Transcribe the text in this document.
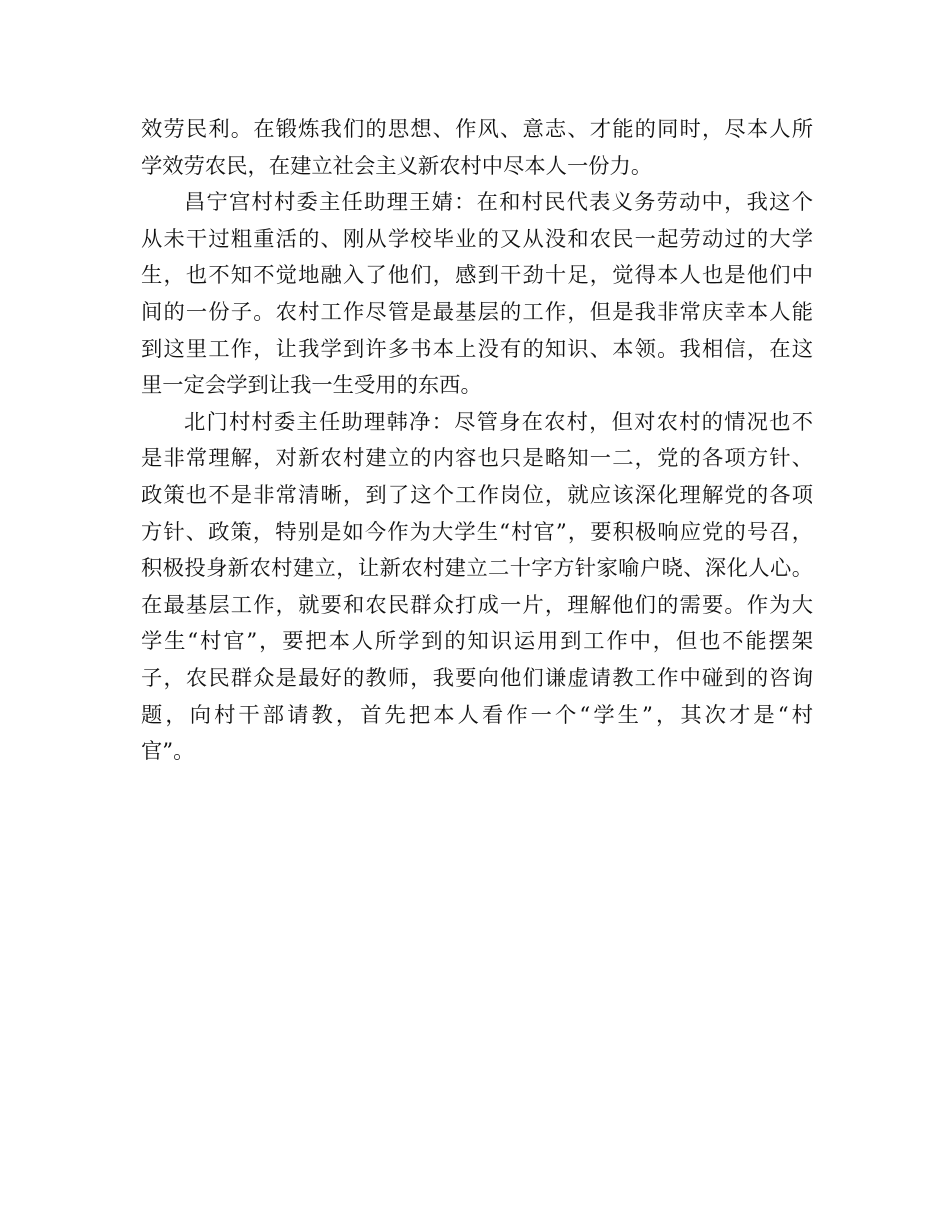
效劳民利。在锻炼我们的思想、作风、意志、才能的同时，尽本人所
学效劳农民，在建立社会主义新农村中尽本人一份力。
昌宁宫村村委主任助理王婧：在和村民代表义务劳动中，我这个
从未干过粗重活的、刚从学校毕业的又从没和农民一起劳动过的大学
生，也不知不觉地融入了他们，感到干劲十足，觉得本人也是他们中
间的一份子。农村工作尽管是最基层的工作，但是我非常庆幸本人能
到这里工作，让我学到许多书本上没有的知识、本领。我相信，在这
里一定会学到让我一生受用的东西。
北门村村委主任助理韩净：尽管身在农村，但对农村的情况也不
是非常理解，对新农村建立的内容也只是略知一二，党的各项方针、
政策也不是非常清晰，到了这个工作岗位，就应该深化理解党的各项
方针、政策，特别是如今作为大学生“村官”，要积极响应党的号召，
积极投身新农村建立，让新农村建立二十字方针家喻户晓、深化人心。
在最基层工作，就要和农民群众打成一片，理解他们的需要。作为大
学生“村官”，要把本人所学到的知识运用到工作中，但也不能摆架
子，农民群众是最好的教师，我要向他们谦虚请教工作中碰到的咨询
题，向村干部请教，首先把本人看作一个“学生”，其次才是“村
官”。
